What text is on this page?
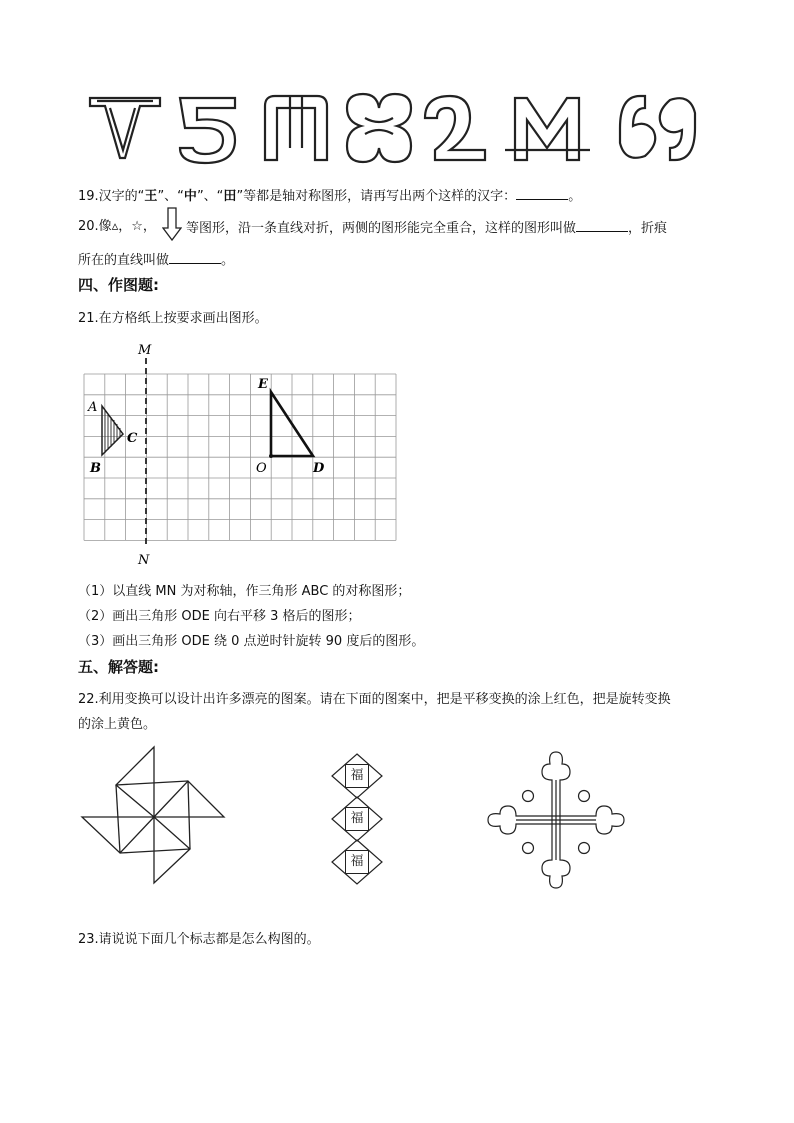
19.汉字的“王”、“中”、“田”等都是轴对称图形，请再写出两个这样的汉字：	。
20.像▵，☆， 等图形，沿一条直线对折，两侧的图形能完全重合，这样的图形叫做	，折痕
所在的直线叫做	。
四、作图题:
21.在方格纸上按要求画出图形。
M
N
A
B
C
E
O	D
（1）以直线 MN 为对称轴，作三角形 ABC 的对称图形；
（2）画出三角形 ODE 向右平移 3 格后的图形；
（3）画出三角形 ODE 绕 0 点逆时针旋转 90 度后的图形。
五、解答题:
22.利用变换可以设计出许多漂亮的图案。请在下面的图案中，把是平移变换的涂上红色，把是旋转变换
的涂上黄色。
福
福
福
23.请说说下面几个标志都是怎么构图的。
